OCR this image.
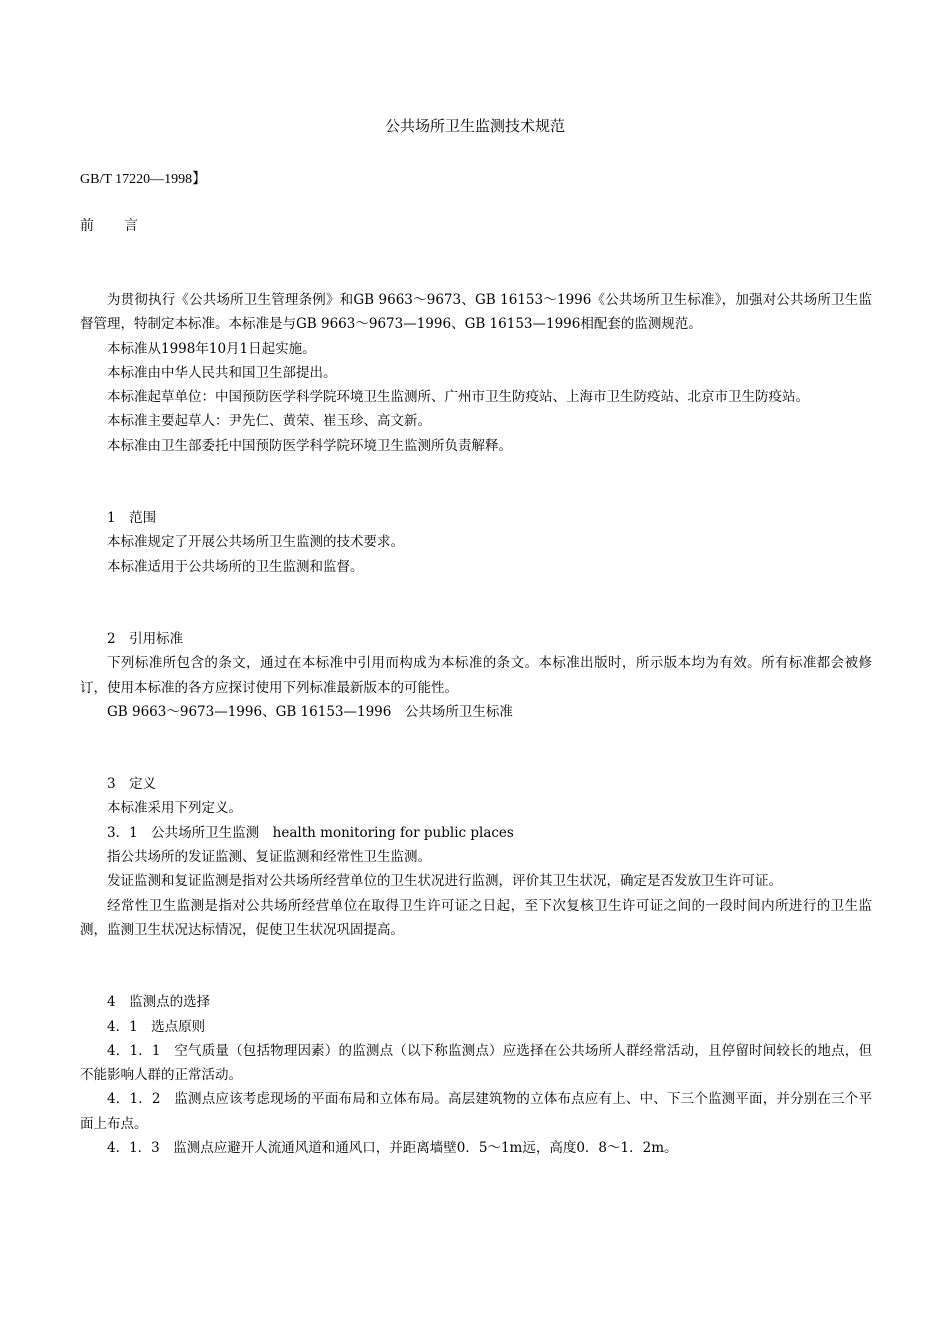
公共场所卫生监测技术规范
GB/T 17220—1998】
前言

为贯彻执行《公共场所卫生管理条例》和GB 9663～9673、GB 16153～1996《公共场所卫生标准》，加强对公共场所卫生监督管理，特制定本标准。本标准是与GB 9663～9673—1996、GB 16153—1996相配套的监测规范。

本标准从1998年10月1日起实施。

本标准由中华人民共和国卫生部提出。

本标准起草单位：中国预防医学科学院环境卫生监测所、广州市卫生防疫站、上海市卫生防疫站、北京市卫生防疫站。

本标准主要起草人：尹先仁、黄荣、崔玉珍、高文新。

本标准由卫生部委托中国预防医学科学院环境卫生监测所负责解释。

1　范围

本标准规定了开展公共场所卫生监测的技术要求。

本标准适用于公共场所的卫生监测和监督。

2　引用标准

下列标准所包含的条文，通过在本标准中引用而构成为本标准的条文。本标准出版时，所示版本均为有效。所有标准都会被修订，使用本标准的各方应探讨使用下列标准最新版本的可能性。

GB 9663～9673—1996、GB 16153—1996　公共场所卫生标准

3　定义

本标准采用下列定义。

3．1　公共场所卫生监测　health monitoring for public places

指公共场所的发证监测、复证监测和经常性卫生监测。

发证监测和复证监测是指对公共场所经营单位的卫生状况进行监测，评价其卫生状况，确定是否发放卫生许可证。

经常性卫生监测是指对公共场所经营单位在取得卫生许可证之日起，至下次复核卫生许可证之间的一段时间内所进行的卫生监测，监测卫生状况达标情况，促使卫生状况巩固提高。

4　监测点的选择

4．1　选点原则

4．1．1　空气质量（包括物理因素）的监测点（以下称监测点）应选择在公共场所人群经常活动，且停留时间较长的地点，但不能影响人群的正常活动。

4．1．2　监测点应该考虑现场的平面布局和立体布局。高层建筑物的立体布点应有上、中、下三个监测平面，并分别在三个平面上布点。

4．1．3　监测点应避开人流通风道和通风口，并距离墙壁0．5～1m远，高度0．8～1．2m。
